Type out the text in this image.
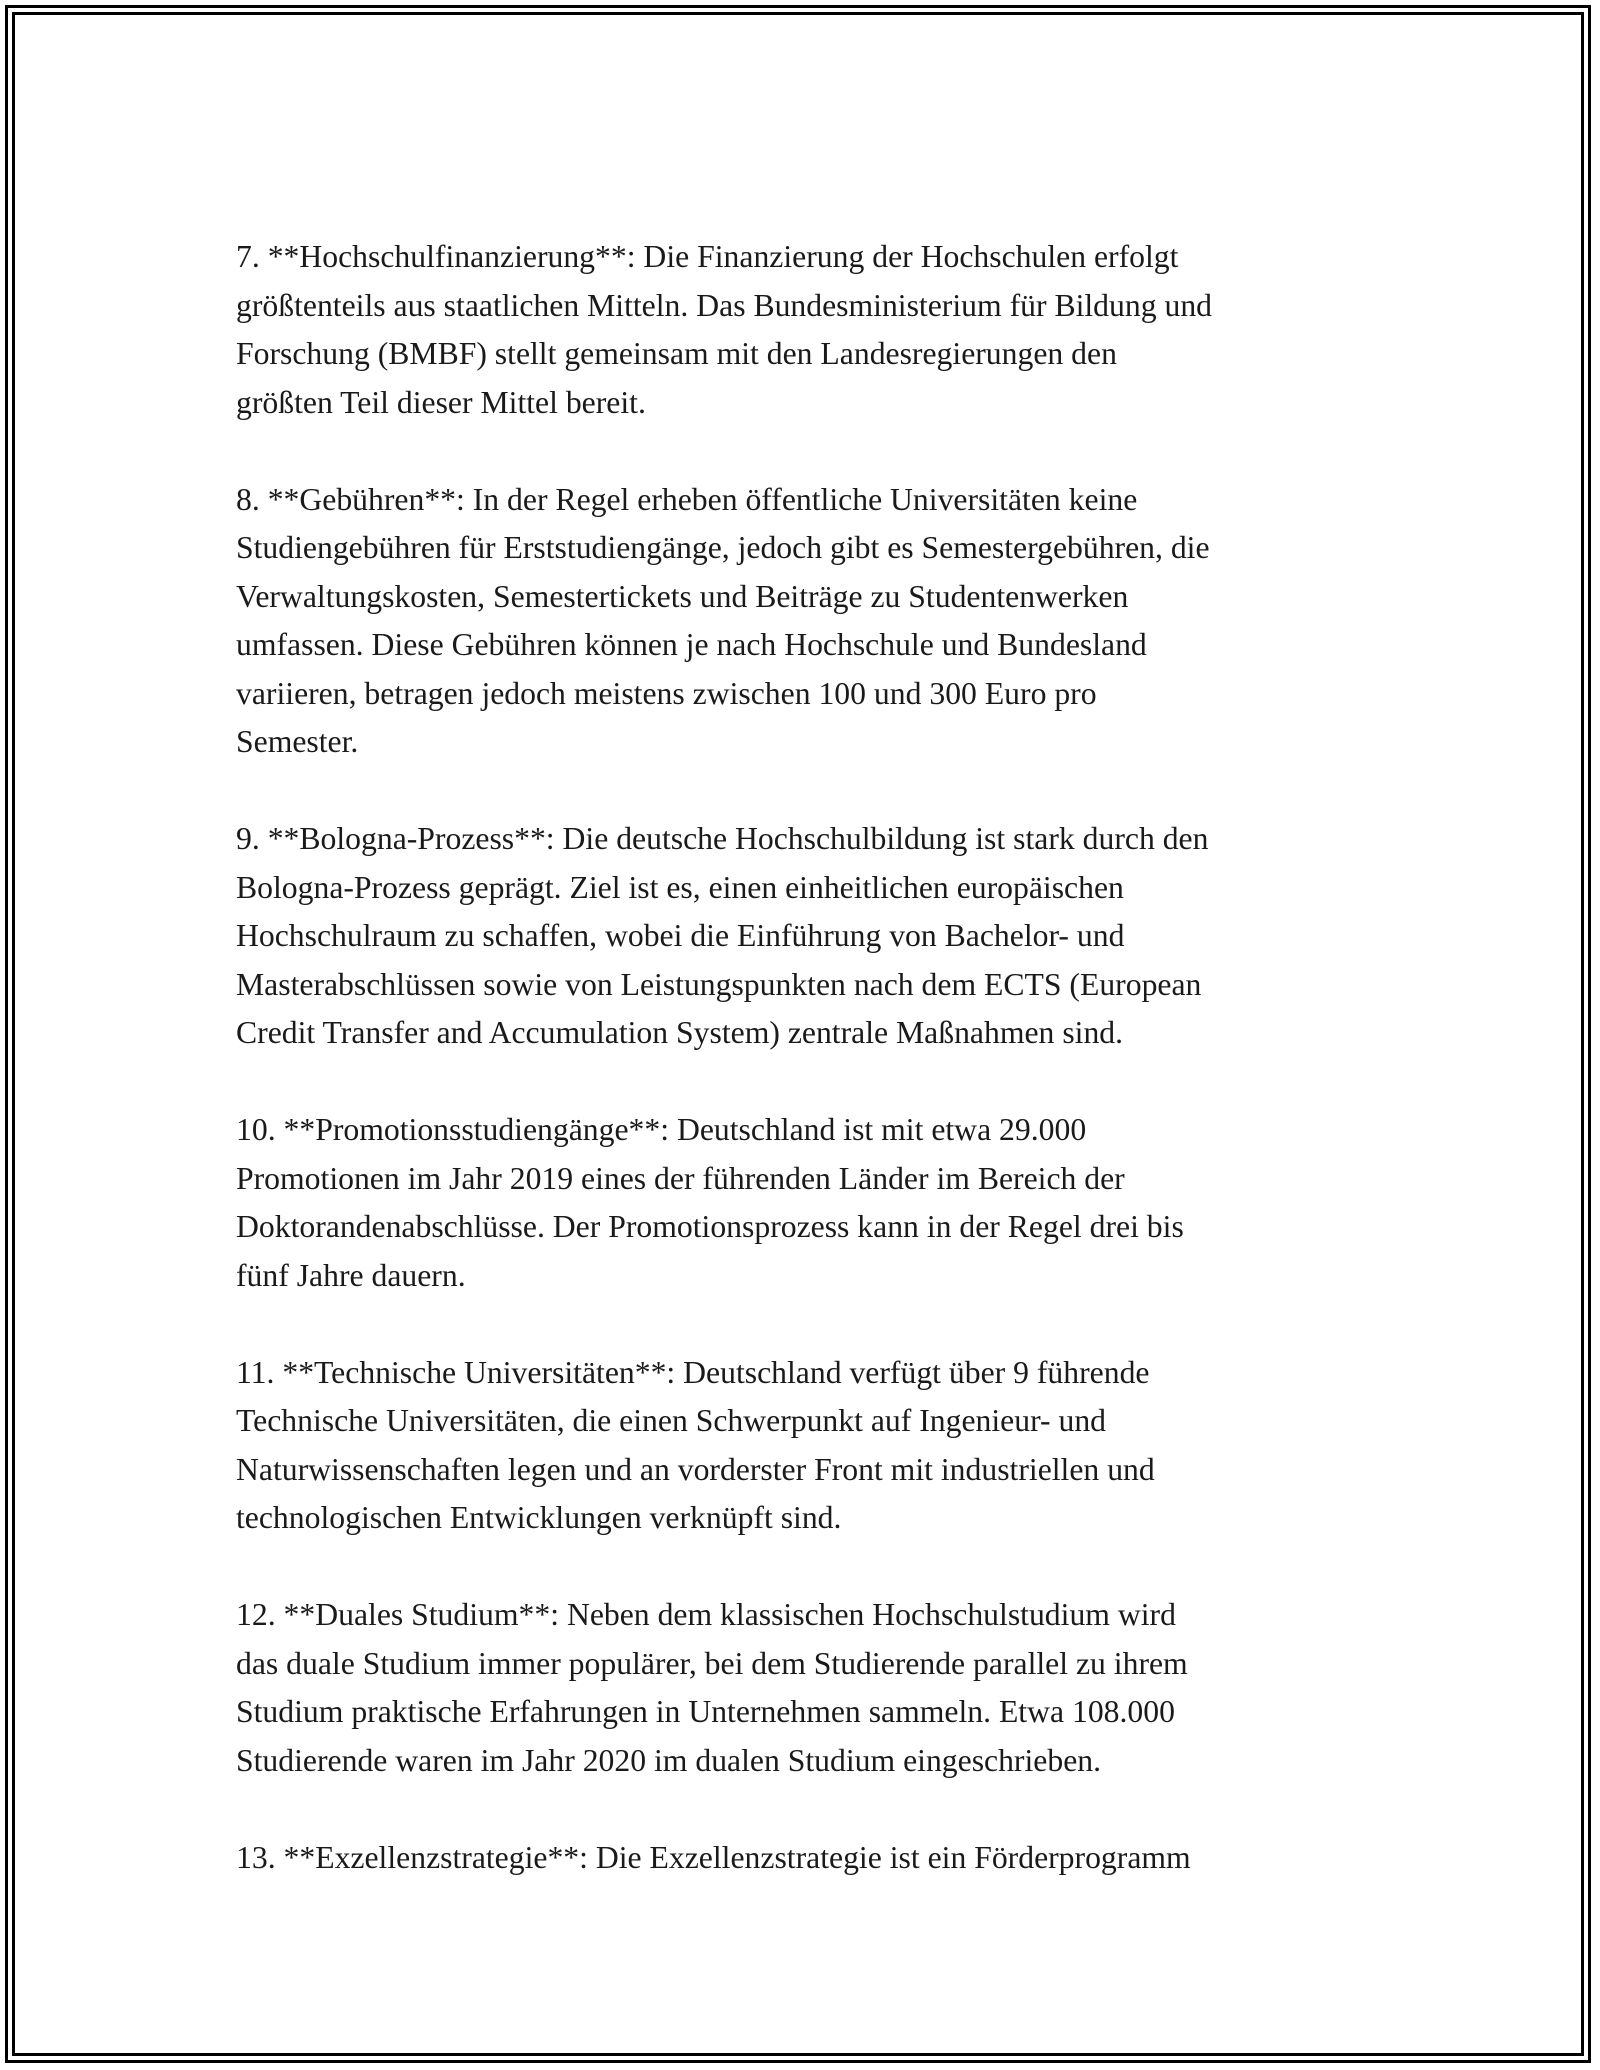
7. **Hochschulfinanzierung**: Die Finanzierung der Hochschulen erfolgt
größtenteils aus staatlichen Mitteln. Das Bundesministerium für Bildung und
Forschung (BMBF) stellt gemeinsam mit den Landesregierungen den
größten Teil dieser Mittel bereit.

8. **Gebühren**: In der Regel erheben öffentliche Universitäten keine
Studiengebühren für Erststudiengänge, jedoch gibt es Semestergebühren, die
Verwaltungskosten, Semestertickets und Beiträge zu Studentenwerken
umfassen. Diese Gebühren können je nach Hochschule und Bundesland
variieren, betragen jedoch meistens zwischen 100 und 300 Euro pro
Semester.

9. **Bologna-Prozess**: Die deutsche Hochschulbildung ist stark durch den
Bologna-Prozess geprägt. Ziel ist es, einen einheitlichen europäischen
Hochschulraum zu schaffen, wobei die Einführung von Bachelor- und
Masterabschlüssen sowie von Leistungspunkten nach dem ECTS (European
Credit Transfer and Accumulation System) zentrale Maßnahmen sind.

10. **Promotionsstudiengänge**: Deutschland ist mit etwa 29.000
Promotionen im Jahr 2019 eines der führenden Länder im Bereich der
Doktorandenabschlüsse. Der Promotionsprozess kann in der Regel drei bis
fünf Jahre dauern.

11. **Technische Universitäten**: Deutschland verfügt über 9 führende
Technische Universitäten, die einen Schwerpunkt auf Ingenieur- und
Naturwissenschaften legen und an vorderster Front mit industriellen und
technologischen Entwicklungen verknüpft sind.

12. **Duales Studium**: Neben dem klassischen Hochschulstudium wird
das duale Studium immer populärer, bei dem Studierende parallel zu ihrem
Studium praktische Erfahrungen in Unternehmen sammeln. Etwa 108.000
Studierende waren im Jahr 2020 im dualen Studium eingeschrieben.

13. **Exzellenzstrategie**: Die Exzellenzstrategie ist ein Förderprogramm
